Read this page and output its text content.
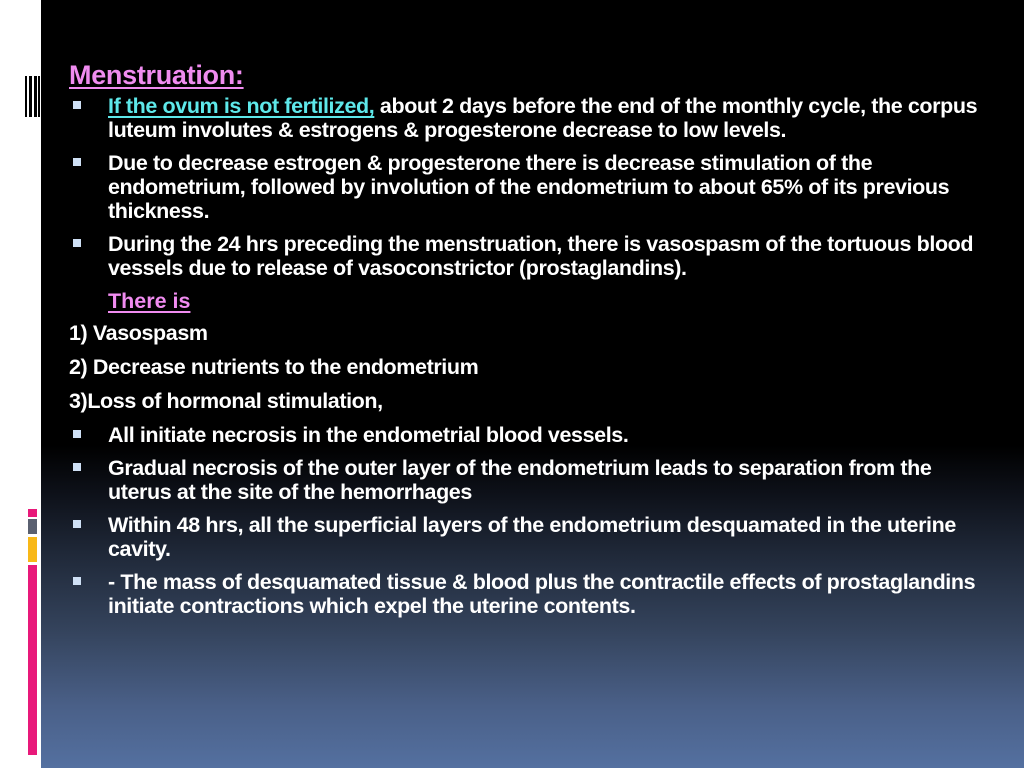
Menstruation:
If the ovum is not fertilized, about 2 days before the end of the monthly cycle, the corpus luteum involutes & estrogens & progesterone decrease to low levels.
Due to decrease estrogen & progesterone there is decrease stimulation of the endometrium, followed by involution of the endometrium to about 65% of its previous thickness.
During the 24 hrs preceding the menstruation, there is vasospasm of the tortuous blood vessels due to release of vasoconstrictor (prostaglandins).
There is
1) Vasospasm
2) Decrease nutrients to the endometrium
3)Loss of hormonal stimulation,
All initiate necrosis in the endometrial blood vessels.
Gradual necrosis of the outer layer of the endometrium leads to separation from the uterus at the site of the hemorrhages
Within 48 hrs, all the superficial layers of the endometrium desquamated in the uterine cavity.
- The mass of desquamated tissue & blood plus the contractile effects of prostaglandins initiate contractions which expel the uterine contents.
